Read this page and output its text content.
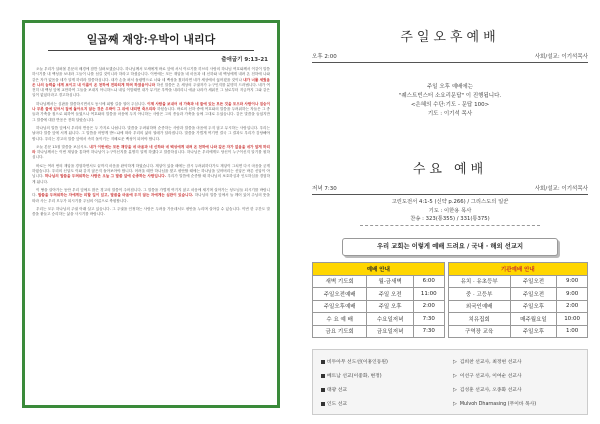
일곱째 재앙:우박이 내리다
출애굽기 9:13-21

오늘 우리가 살펴볼 본문의 배경에 잠깐 살펴보겠습니다. 하나님께서 모세에게 바로 앞에 서서 이르기를 히브리 사람의 하나님 여호와께서 이같이 말씀하시기를 내 백성을 보내라 그들이 나를 섬길 것이니라 하라고 하셨습니다. 이번에는 모든 재앙을 네 마음과 네 신하와 네 백성에게 내려 온 천하에 나와 같은 자가 없음을 네가 알게 하리라 말씀하십니다. 내가 손을 펴서 돌림병으로 너와 네 백성을 쳤더라면 네가 세상에서 끊어졌을 것이나 내가 너를 세웠음은 나의 능력을 네게 보이고 내 이름이 온 천하에 전파되게 하려 하였음이니라 하신 말씀은 온 세상의 주권자가 누구인지를 분명히 드러냅니다. 네가 여전히 내 백성 앞에 교만하여 그들을 보내지 아니하느냐 내일 이맘때면 내가 무거운 우박을 내리리니 애굽 나라가 세워진 그 날로부터 지금까지 그와 같은 일이 없었더라고 경고하십니다.

하나님께서는 심판을 말씀하시면서도 동시에 피할 길을 열어 주십니다. 이제 사람을 보내어 네 가축과 네 들에 있는 모든 것을 모으라 사람이나 짐승이나 무릇 들에 있어서 집에 돌아오지 않는 것은 우박이 그 위에 내리면 죽으리라 하셨습니다. 바로의 신하 중에 여호와의 말씀을 두려워하는 자들은 그 종들과 가축을 집으로 피하여 들였으나 여호와의 말씀을 마음에 두지 아니하는 사람은 그의 종들과 가축을 들에 그대로 두었습니다. 같은 말씀을 들었지만 그 말씀에 대한 반응은 전혀 달랐습니다.

하나님의 말씀 앞에서 우리의 반응은 두 가지로 나뉩니다. 말씀을 두려워하며 순종하는 사람과 말씀을 마음에 두지 않고 무시하는 사람입니다. 우리는 날마다 말씀 앞에 서게 됩니다. 그 말씀을 어떻게 받느냐에 따라 우리의 삶의 열매가 달라집니다. 말씀을 가볍게 여기면 결국 그 결과도 우리가 감당해야 합니다. 우리는 경고의 말씀 앞에서 속히 돌이키는 지혜로운 백성이 되어야 합니다.

오늘 본문 13절 말씀을 보십시오. 내가 이번에는 모든 재앙을 네 마음과 네 신하와 네 백성에게 내려 온 천하에 나와 같은 자가 없음을 네가 알게 하리라 하나님께서는 이번 재앙을 통하여 하나님이 누구이신지를 분명히 알게 하겠다고 말씀하십니다. 하나님은 우리에게도 당신이 누구이신지 알기를 원하십니다.

바로는 여러 번의 재앙을 경험하면서도 끝까지 마음을 완악하게 하였습니다. 재앙이 있을 때에는 잠시 두려워하다가도 재앙이 그치면 다시 마음을 굳게 하였습니다. 우리의 신앙도 이와 같지 않은지 돌아보아야 합니다. 어려울 때만 하나님을 찾고 평안할 때에는 하나님을 잊어버리는 신앙은 바른 신앙이 아닙니다. 하나님의 말씀을 두려워하는 사람은 오늘 그 말씀 앞에 순종하는 사람입니다. 우리가 말씀에 순종할 때 하나님의 보호하심과 인도하심을 경험하게 됩니다.

이 땅을 살아가는 동안 우리 앞에도 많은 경고의 말씀이 주어집니다. 그 말씀을 가볍게 여기지 않고 마음에 새기며 살아가는 성도님들 되시기를 바랍니다. 말씀을 두려워하는 자에게는 피할 길이 있고, 말씀을 마음에 두지 않는 자에게는 심판이 있습니다. 하나님의 말씀 앞에서 늘 깨어 있어 주님의 뜻을 따라 사는 우리 모두가 되시기를 주님의 이름으로 축원합니다.

우리는 모두 하나님의 주권 아래 살고 있습니다. 그 주권을 인정하는 사람은 두려움 가운데서도 평안을 누리며 살아갈 수 있습니다. 이번 한 주간도 말씀을 붙들고 승리하는 삶을 사시기를 바랍니다.

주일오후예배
오후 2:00	사회/설교: 이기석목사
주일 오후 예배에는
"퀘스트빈스터 소요리문답" 이 진행됩니다.
<은혜의 수단:기도 - 문답 100>
기도 : 이기석 목사
수요 예배
저녁 7:30	사회/설교: 이기석목사
고린도전서 4:1-5 (신약 p.266) / 그리스도의 일꾼
기도 : 이한용 목사
찬송 : 323(통355) / 331(통375)
우리 교회는 이렇게 예배 드려요 / 국내 · 해외 선교지
예배 안내				기관예배 안내		
새벽 기도회	월-금새벽	6:00		유치 · 유초등부	주일오전	9:00
주일오전예배	주일 오전	11:00		중 · 고등부	주일오전	9:00
주일오후예배	주일 오후	2:00		외국인예배	주일오후	2:00
수 요 예 배	수요일저녁	7:30		치유집회	매주월요일	10:00
금요 기도회	금요일저녁	7:30		구역장 교육	주일오후	1:00
비두아무 선도선(이홍인동원)
베트남 선교(이좋화, 변정)
태광 선교
인도 선교
▷ 김희찬 선교사, 최정현 선교사
▷ 이선구 선교사, 이여순 선교사
▷ 김성훈 선교사, 오종화 선교사
▷ Mulvoh Dharnasing (무이바 목사)
